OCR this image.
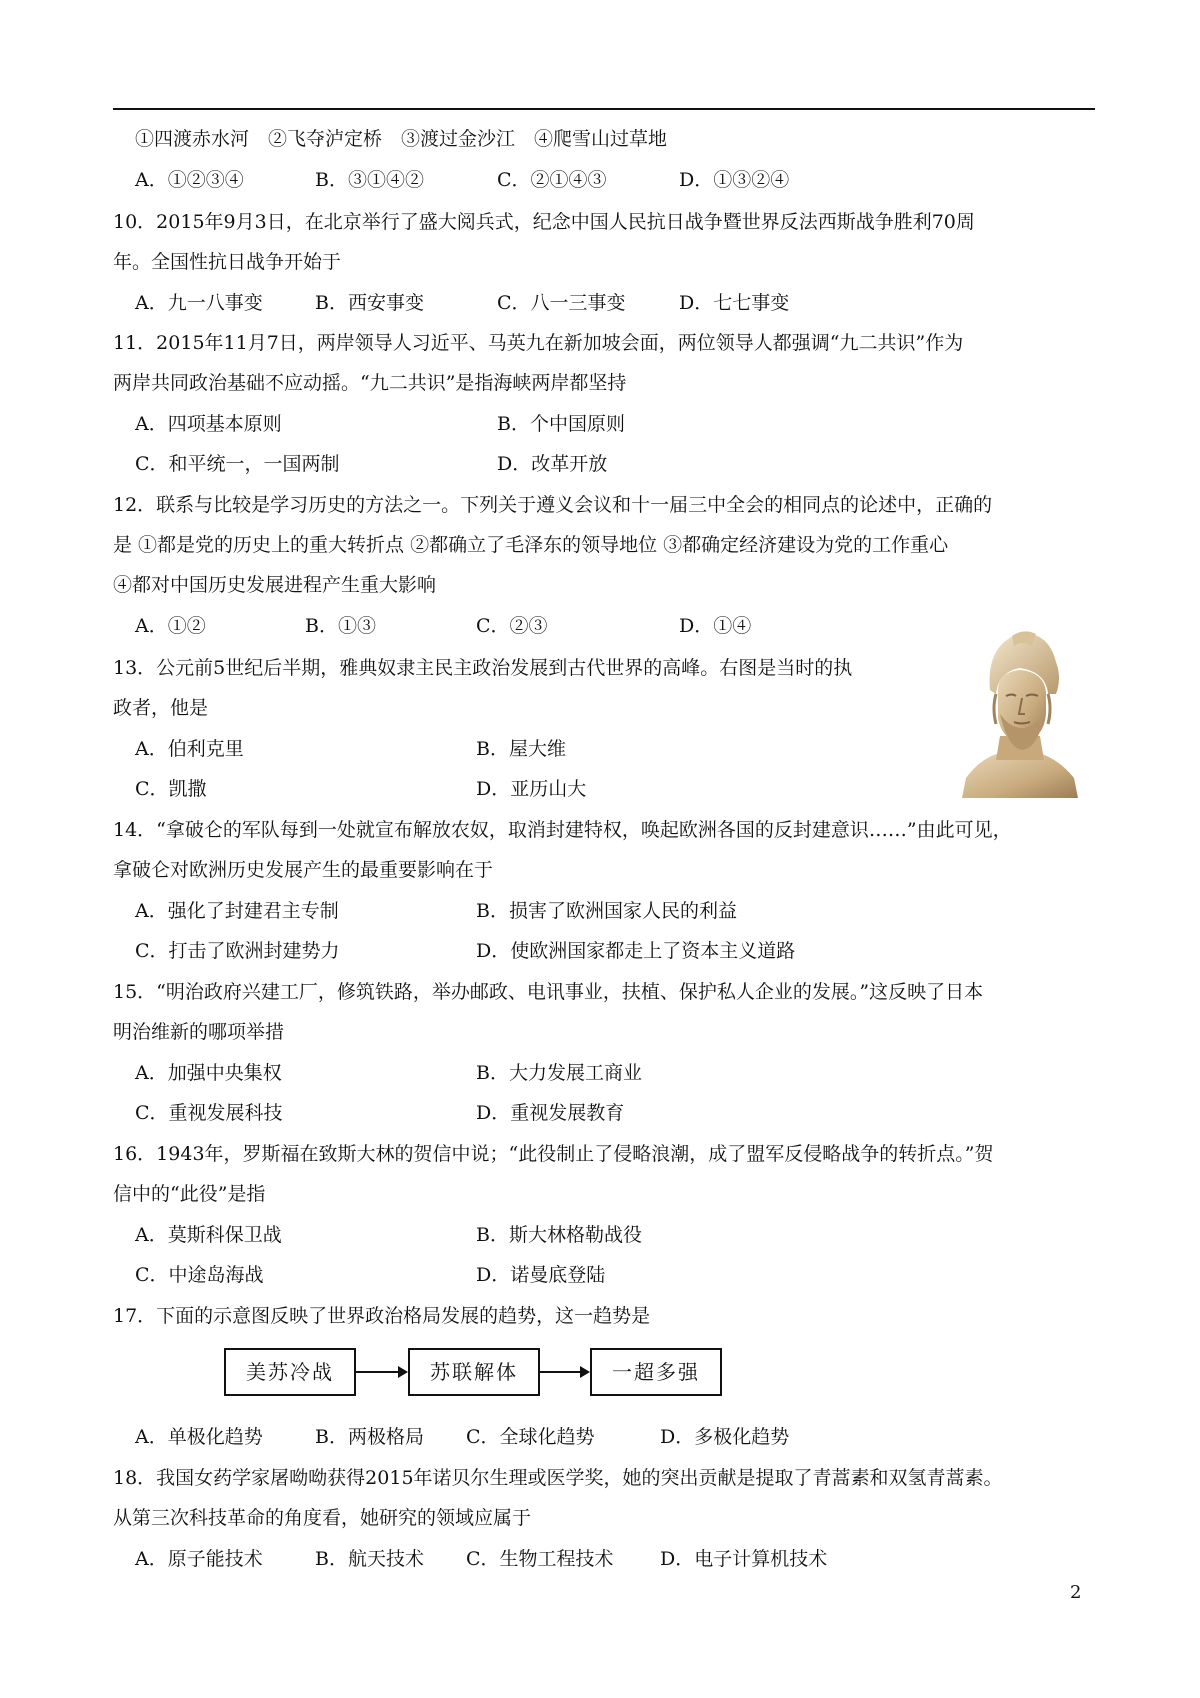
①四渡赤水河　②飞夺泸定桥　③渡过金沙江　④爬雪山过草地
A．①②③④	B．③①④②	C．②①④③	D．①③②④
10．2015年9月3日，在北京举行了盛大阅兵式，纪念中国人民抗日战争暨世界反法西斯战争胜利70周
年。全国性抗日战争开始于
A．九一八事变	B．西安事变	C．八一三事变	D．七七事变
11．2015年11月7日，两岸领导人习近平、马英九在新加坡会面，两位领导人都强调“九二共识”作为
两岸共同政治基础不应动摇。“九二共识”是指海峡两岸都坚持
A．四项基本原则	B．个中国原则
C．和平统一，一国两制	D．改革开放
12．联系与比较是学习历史的方法之一。下列关于遵义会议和十一届三中全会的相同点的论述中，正确的
是 ①都是党的历史上的重大转折点 ②都确立了毛泽东的领导地位 ③都确定经济建设为党的工作重心
④都对中国历史发展进程产生重大影响
A．①②	B．①③	C．②③	D．①④
13．公元前5世纪后半期，雅典奴隶主民主政治发展到古代世界的高峰。右图是当时的执
政者，他是
A．伯利克里	B．屋大维
C．凯撒	D．亚历山大
14．“拿破仑的军队每到一处就宣布解放农奴，取消封建特权，唤起欧洲各国的反封建意识……”由此可见，
拿破仑对欧洲历史发展产生的最重要影响在于
A．强化了封建君主专制	B．损害了欧洲国家人民的利益
C．打击了欧洲封建势力	D．使欧洲国家都走上了资本主义道路
15．“明治政府兴建工厂，修筑铁路，举办邮政、电讯事业，扶植、保护私人企业的发展。”这反映了日本
明治维新的哪项举措
A．加强中央集权	B．大力发展工商业
C．重视发展科技	D．重视发展教育
16．1943年，罗斯福在致斯大林的贺信中说；“此役制止了侵略浪潮，成了盟军反侵略战争的转折点。”贺
信中的“此役”是指
A．莫斯科保卫战	B．斯大林格勒战役
C．中途岛海战	D．诺曼底登陆
17．下面的示意图反映了世界政治格局发展的趋势，这一趋势是
美苏冷战	苏联解体	一超多强
A．单极化趋势	B．两极格局 C．全球化趋势	D．多极化趋势
18．我国女药学家屠呦呦获得2015年诺贝尔生理或医学奖，她的突出贡献是提取了青蒿素和双氢青蒿素。
从第三次科技革命的角度看，她研究的领域应属于
A．原子能技术	B．航天技术 C．生物工程技术 D．电子计算机技术
2
